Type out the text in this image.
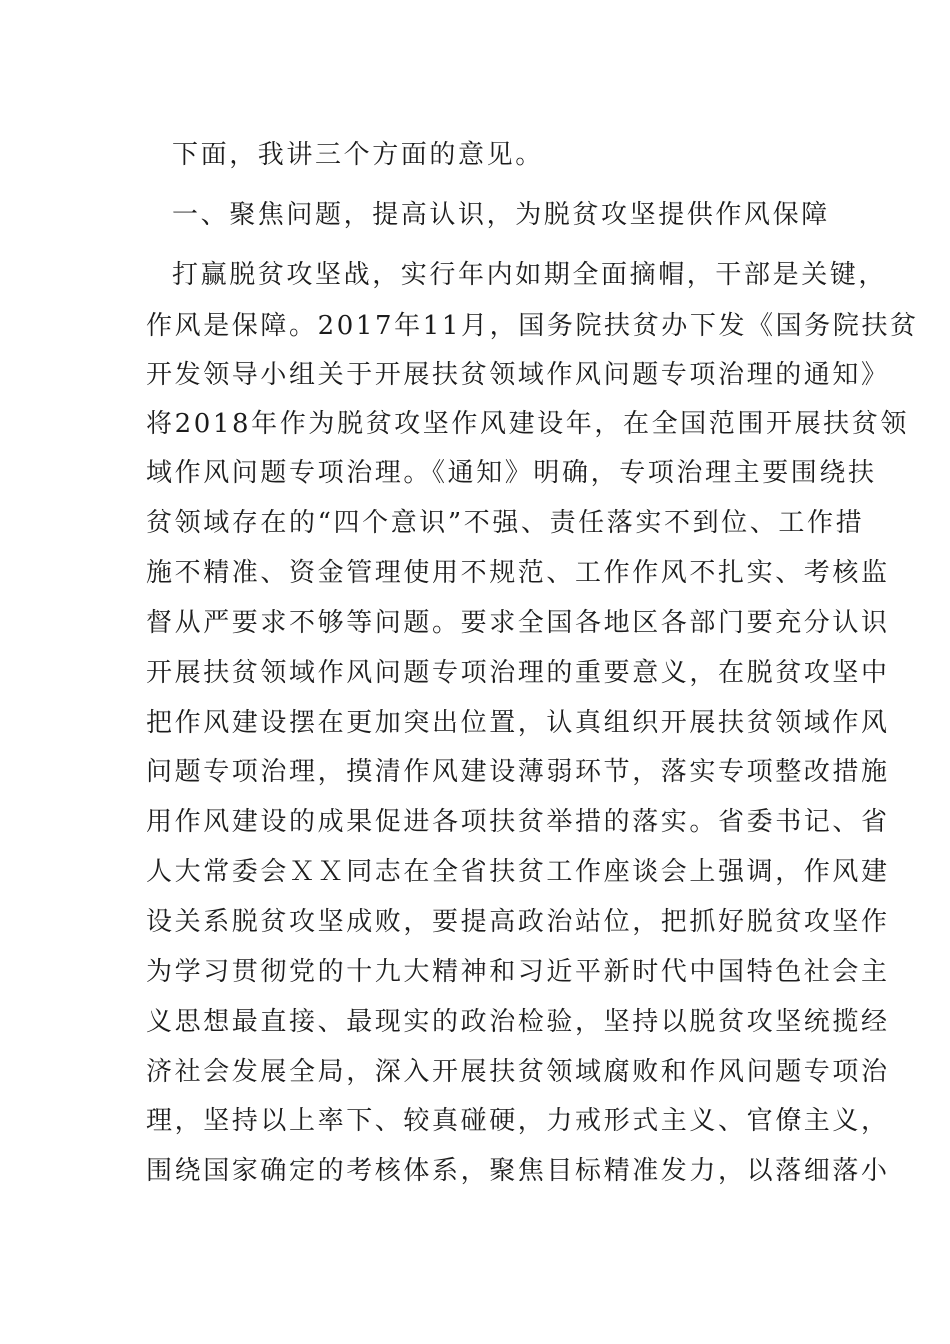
下面，我讲三个方面的意见。
一、聚焦问题，提高认识，为脱贫攻坚提供作风保障
打赢脱贫攻坚战，实行年内如期全面摘帽，干部是关键，
作风是保障。2017年11月，国务院扶贫办下发《国务院扶贫
开发领导小组关于开展扶贫领域作风问题专项治理的通知》
将2018年作为脱贫攻坚作风建设年，在全国范围开展扶贫领
域作风问题专项治理。《通知》明确，专项治理主要围绕扶
贫领域存在的“四个意识”不强、责任落实不到位、工作措
施不精准、资金管理使用不规范、工作作风不扎实、考核监
督从严要求不够等问题。要求全国各地区各部门要充分认识
开展扶贫领域作风问题专项治理的重要意义，在脱贫攻坚中
把作风建设摆在更加突出位置，认真组织开展扶贫领域作风
问题专项治理，摸清作风建设薄弱环节，落实专项整改措施
用作风建设的成果促进各项扶贫举措的落实。省委书记、省
人大常委会ＸＸ同志在全省扶贫工作座谈会上强调，作风建
设关系脱贫攻坚成败，要提高政治站位，把抓好脱贫攻坚作
为学习贯彻党的十九大精神和习近平新时代中国特色社会主
义思想最直接、最现实的政治检验，坚持以脱贫攻坚统揽经
济社会发展全局，深入开展扶贫领域腐败和作风问题专项治
理，坚持以上率下、较真碰硬，力戒形式主义、官僚主义，
围绕国家确定的考核体系，聚焦目标精准发力，以落细落小
